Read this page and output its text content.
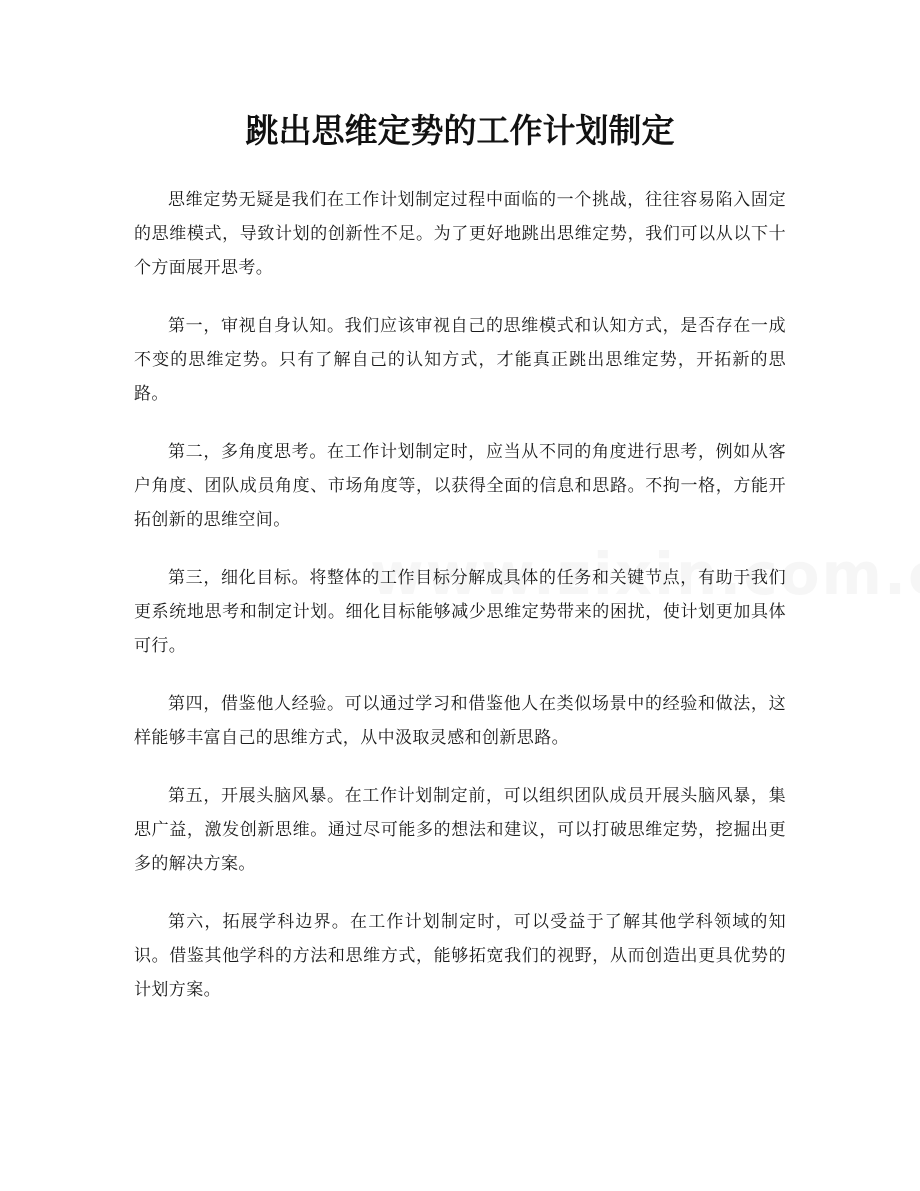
跳出思维定势的工作计划制定

思维定势无疑是我们在工作计划制定过程中面临的一个挑战，往往容易陷入固定的思维模式，导致计划的创新性不足。为了更好地跳出思维定势，我们可以从以下十个方面展开思考。

第一，审视自身认知。我们应该审视自己的思维模式和认知方式，是否存在一成不变的思维定势。只有了解自己的认知方式，才能真正跳出思维定势，开拓新的思路。

第二，多角度思考。在工作计划制定时，应当从不同的角度进行思考，例如从客户角度、团队成员角度、市场角度等，以获得全面的信息和思路。不拘一格，方能开拓创新的思维空间。

第三，细化目标。将整体的工作目标分解成具体的任务和关键节点，有助于我们更系统地思考和制定计划。细化目标能够减少思维定势带来的困扰，使计划更加具体可行。

第四，借鉴他人经验。可以通过学习和借鉴他人在类似场景中的经验和做法，这样能够丰富自己的思维方式，从中汲取灵感和创新思路。

第五，开展头脑风暴。在工作计划制定前，可以组织团队成员开展头脑风暴，集思广益，激发创新思维。通过尽可能多的想法和建议，可以打破思维定势，挖掘出更多的解决方案。

第六，拓展学科边界。在工作计划制定时，可以受益于了解其他学科领域的知识。借鉴其他学科的方法和思维方式，能够拓宽我们的视野，从而创造出更具优势的计划方案。
